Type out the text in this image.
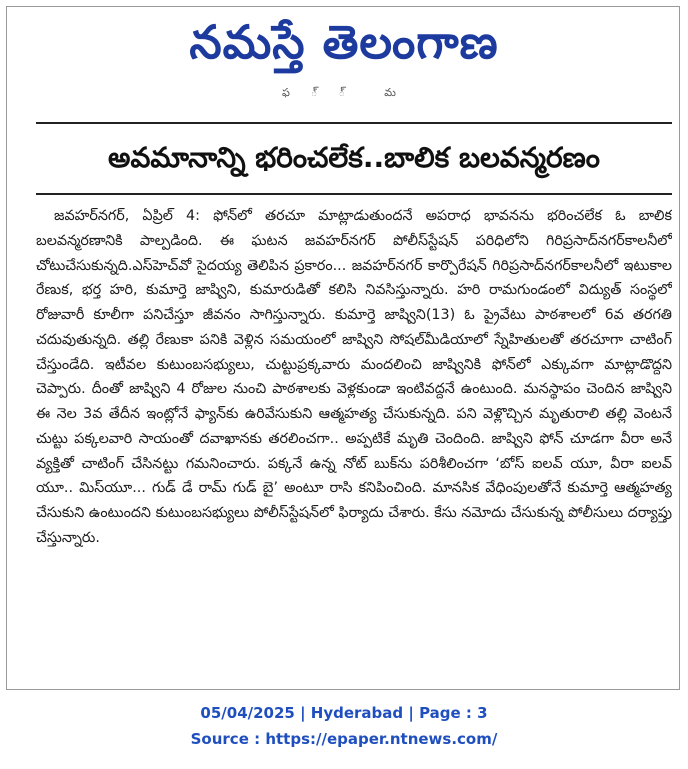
నమస్తే తెలంగాణ
ఫ ్ ్ మ
అవమానాన్ని భరించలేక..బాలిక బలవన్మరణం
జవహర్‌నగర్, ఏప్రిల్ 4: ఫోన్‌లో తరచూ మాట్లాడుతుందనే అపరాధ భావనను భరించలేక ఓ బాలిక బలవన్మరణానికి పాల్పడింది. ఈ ఘటన జవహర్‌నగర్ పోలీస్‌స్టేషన్ పరిధిలోని గిరిప్రసాద్‌నగర్‌కాలనీలో చోటుచేసుకున్నది.ఎస్‌హెచ్‌వో సైదయ్య తెలిపిన ప్రకారం... జవహర్‌నగర్ కార్పొరేషన్ గిరిప్రసాద్‌నగర్‌కాలనీలో ఇటుకాల రేణుక, భర్త హరి, కుమార్తె జాష్విని, కుమారుడితో కలిసి నివసిస్తున్నారు. హరి రామగుండంలో విద్యుత్ సంస్థలో రోజువారీ కూలీగా పనిచేస్తూ జీవనం సాగిస్తున్నారు. కుమార్తె జాష్విని(13) ఓ ప్రైవేటు పాఠశాలలో 6వ తరగతి చదువుతున్నది. తల్లి రేణుకా పనికి వెళ్లిన సమయంలో జాష్విని సోషల్‌మీడియాలో స్నేహితులతో తరచూగా చాటింగ్ చేస్తుండేది. ఇటీవల కుటుంబసభ్యులు, చుట్టుప్రక్కవారు మందలించి జాష్వినికి ఫోన్‌లో ఎక్కువగా మాట్లాడొద్దని చెప్పారు. దీంతో జాష్విని 4 రోజుల నుంచి పాఠశాలకు వెళ్లకుండా ఇంటివద్దనే ఉంటుంది. మనస్థాపం చెందిన జాష్విని ఈ నెల 3వ తేదీన ఇంట్లోనే ఫ్యాన్‌కు ఉరివేసుకుని ఆత్మహత్య చేసుకున్నది. పని వెళ్లొచ్చిన మృతురాలి తల్లి వెంటనే చుట్టు పక్కలవారి సాయంతో దవాఖానకు తరలించగా.. అప్పటికే మృతి చెందింది. జాష్విని ఫోన్ చూడగా వీరా అనే వ్యక్తితో చాటింగ్ చేసినట్టు గమనించారు. పక్కనే ఉన్న నోట్ బుక్‌ను పరిశీలించగా ‘బోస్ ఐలవ్ యూ, వీరా ఐలవ్ యూ.. మిస్‌యూ... గుడ్ డే రామ్ గుడ్ బై’ అంటూ రాసి కనిపించింది. మానసిక వేధింపులతోనే కుమార్తె ఆత్మహత్య చేసుకుని ఉంటుందని కుటుంబసభ్యులు పోలీస్‌స్టేషన్‌లో ఫిర్యాదు చేశారు. కేసు నమోదు చేసుకున్న పోలీసులు దర్యాప్తు చేస్తున్నారు.
05/04/2025 | Hyderabad | Page : 3
Source : https://epaper.ntnews.com/
